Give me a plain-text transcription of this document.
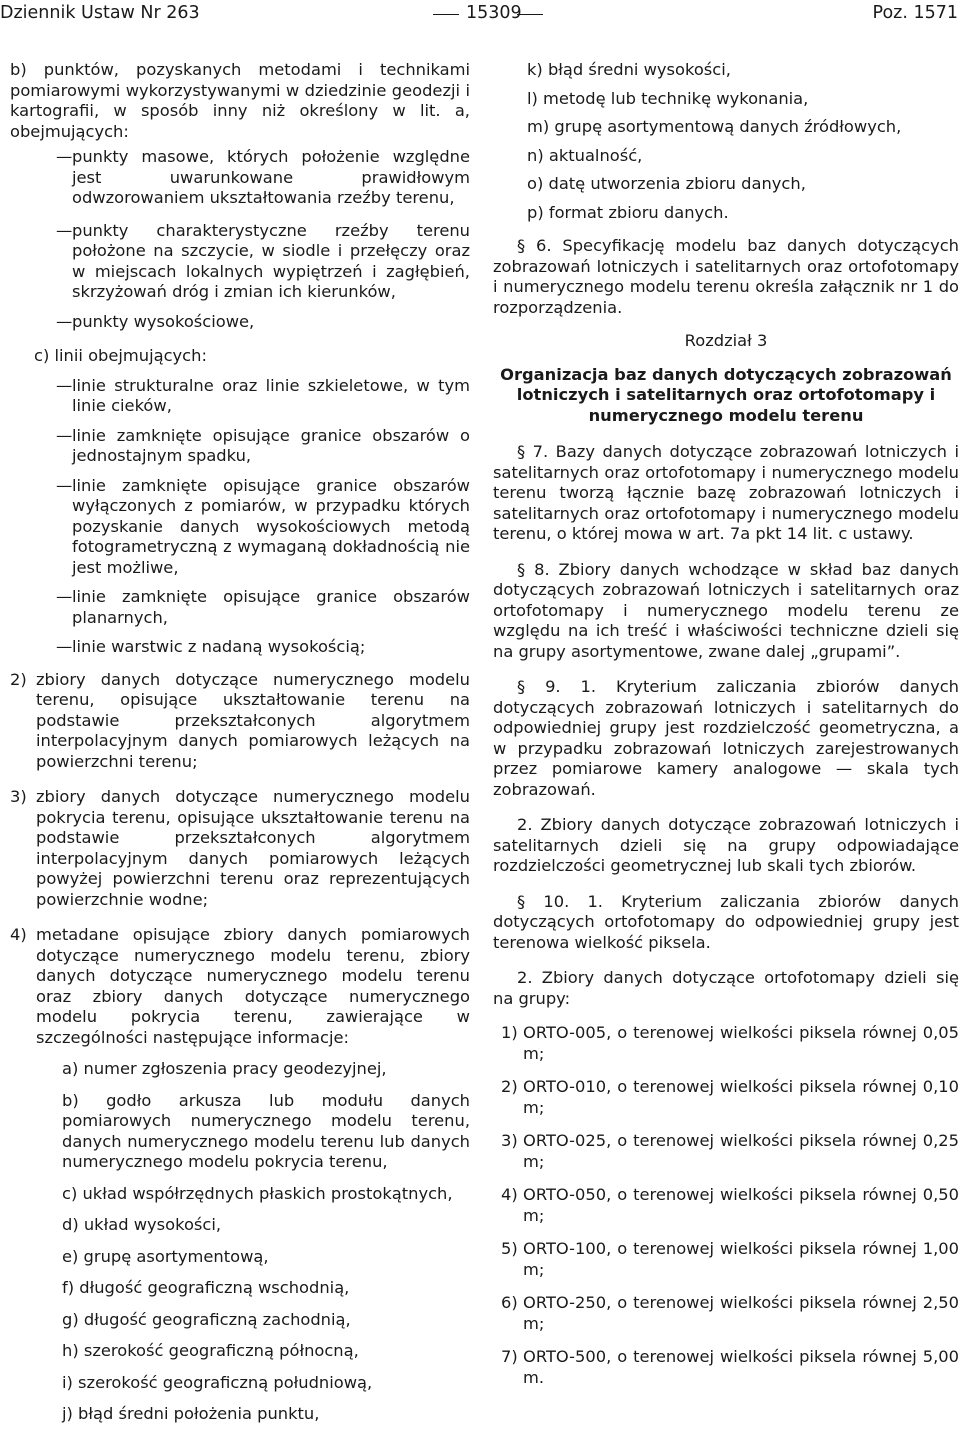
Dziennik Ustaw Nr 263	15309	Poz. 1571

b) punktów, pozyskanych metodami i technikami pomiarowymi wykorzystywanymi w dziedzinie geodezji i kartografii, w sposób inny niż określony w lit. a, obejmujących:

— punkty masowe, których położenie względne jest uwarunkowane prawidłowym odwzorowaniem ukształtowania rzeźby terenu,

— punkty charakterystyczne rzeźby terenu położone na szczycie, w siodle i przełęczy oraz w miejscach lokalnych wypiętrzeń i zagłębień, skrzyżowań dróg i zmian ich kierunków,

— punkty wysokościowe,

c) linii obejmujących:

— linie strukturalne oraz linie szkieletowe, w tym linie cieków,

— linie zamknięte opisujące granice obszarów o jednostajnym spadku,

— linie zamknięte opisujące granice obszarów wyłączonych z pomiarów, w przypadku których pozyskanie danych wysokościowych metodą fotogrametryczną z wymaganą dokładnością nie jest możliwe,

— linie zamknięte opisujące granice obszarów planarnych,

— linie warstwic z nadaną wysokością;

2) zbiory danych dotyczące numerycznego modelu terenu, opisujące ukształtowanie terenu na podstawie przekształconych algorytmem interpolacyjnym danych pomiarowych leżących na powierzchni terenu;

3) zbiory danych dotyczące numerycznego modelu pokrycia terenu, opisujące ukształtowanie terenu na podstawie przekształconych algorytmem interpolacyjnym danych pomiarowych leżących powyżej powierzchni terenu oraz reprezentujących powierzchnie wodne;

4) metadane opisujące zbiory danych pomiarowych dotyczące numerycznego modelu terenu, zbiory danych dotyczące numerycznego modelu terenu oraz zbiory danych dotyczące numerycznego modelu pokrycia terenu, zawierające w szczególności następujące informacje:

a) numer zgłoszenia pracy geodezyjnej,

b) godło arkusza lub modułu danych pomiarowych numerycznego modelu terenu, danych numerycznego modelu terenu lub danych numerycznego modelu pokrycia terenu,

c) układ współrzędnych płaskich prostokątnych,

d) układ wysokości,

e) grupę asortymentową,

f) długość geograficzną wschodnią,

g) długość geograficzną zachodnią,

h) szerokość geograficzną północną,

i) szerokość geograficzną południową,

j) błąd średni położenia punktu,

k) błąd średni wysokości,

l) metodę lub technikę wykonania,

m) grupę asortymentową danych źródłowych,

n) aktualność,

o) datę utworzenia zbioru danych,

p) format zbioru danych.

§ 6. Specyfikację modelu baz danych dotyczących zobrazowań lotniczych i satelitarnych oraz ortofotomapy i numerycznego modelu terenu określa załącznik nr 1 do rozporządzenia.

Rozdział 3

Organizacja baz danych dotyczących zobrazowań lotniczych i satelitarnych oraz ortofotomapy i numerycznego modelu terenu

§ 7. Bazy danych dotyczące zobrazowań lotniczych i satelitarnych oraz ortofotomapy i numerycznego modelu terenu tworzą łącznie bazę zobrazowań lotniczych i satelitarnych oraz ortofotomapy i numerycznego modelu terenu, o której mowa w art. 7a pkt 14 lit. c ustawy.

§ 8. Zbiory danych wchodzące w skład baz danych dotyczących zobrazowań lotniczych i satelitarnych oraz ortofotomapy i numerycznego modelu terenu ze względu na ich treść i właściwości techniczne dzieli się na grupy asortymentowe, zwane dalej „grupami”.

§ 9. 1. Kryterium zaliczania zbiorów danych dotyczących zobrazowań lotniczych i satelitarnych do odpowiedniej grupy jest rozdzielczość geometryczna, a w przypadku zobrazowań lotniczych zarejestrowanych przez pomiarowe kamery analogowe — skala tych zobrazowań.

2. Zbiory danych dotyczące zobrazowań lotniczych i satelitarnych dzieli się na grupy odpowiadające rozdzielczości geometrycznej lub skali tych zbiorów.

§ 10. 1. Kryterium zaliczania zbiorów danych dotyczących ortofotomapy do odpowiedniej grupy jest terenowa wielkość piksela.

2. Zbiory danych dotyczące ortofotomapy dzieli się na grupy:

1) ORTO-005, o terenowej wielkości piksela równej 0,05 m;

2) ORTO-010, o terenowej wielkości piksela równej 0,10 m;

3) ORTO-025, o terenowej wielkości piksela równej 0,25 m;

4) ORTO-050, o terenowej wielkości piksela równej 0,50 m;

5) ORTO-100, o terenowej wielkości piksela równej 1,00 m;

6) ORTO-250, o terenowej wielkości piksela równej 2,50 m;

7) ORTO-500, o terenowej wielkości piksela równej 5,00 m.
